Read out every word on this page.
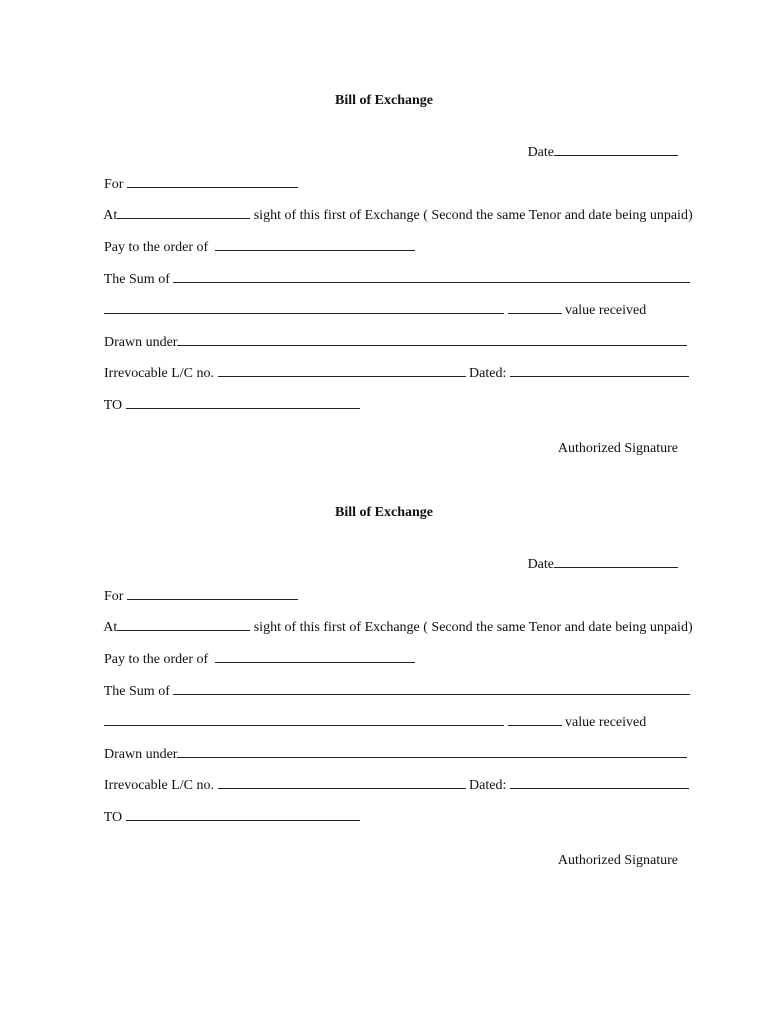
Bill of Exchange

Date

For

At	sight of this first of Exchange ( Second the same Tenor and date being unpaid)

Pay to the order of

The Sum of

value received

Drawn under

Irrevocable L/C no.	Dated:

TO

Authorized Signature
Bill of Exchange

Date

For

At	sight of this first of Exchange ( Second the same Tenor and date being unpaid)

Pay to the order of

The Sum of

value received

Drawn under

Irrevocable L/C no.	Dated:

TO

Authorized Signature
